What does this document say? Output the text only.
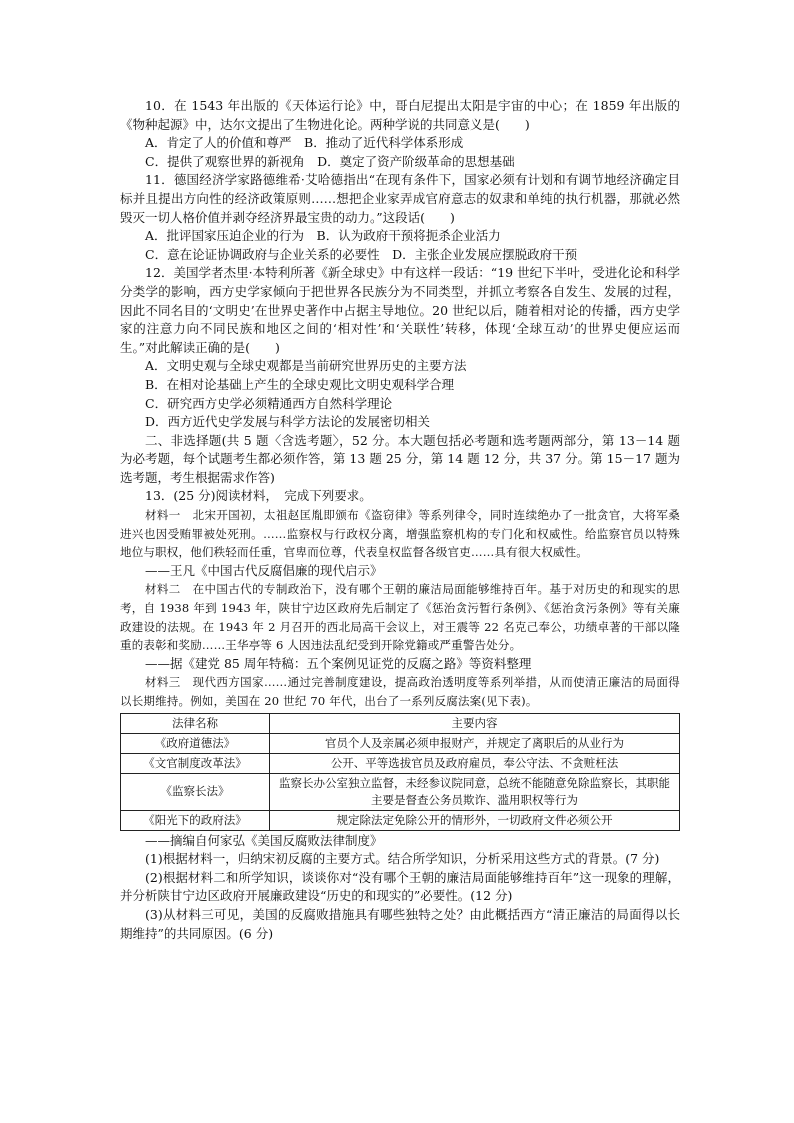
10．在 1543 年出版的《天体运行论》中，哥白尼提出太阳是宇宙的中心；在 1859 年出版的《物种起源》中，达尔文提出了生物进化论。两种学说的共同意义是(　　)
A．肯定了人的价值和尊严　B．推动了近代科学体系形成
C．提供了观察世界的新视角　D．奠定了资产阶级革命的思想基础
11．德国经济学家路德维希·艾哈德指出“在现有条件下，国家必须有计划和有调节地经济确定目标并且提出方向性的经济政策原则……想把企业家弄成官府意志的奴隶和单纯的执行机器，那就必然毁灭一切人格价值并剥夺经济界最宝贵的动力。”这段话(　　)
A．批评国家压迫企业的行为　B．认为政府干预将扼杀企业活力
C．意在论证协调政府与企业关系的必要性　D．主张企业发展应摆脱政府干预
12．美国学者杰里·本特利所著《新全球史》中有这样一段话：“19 世纪下半叶，受进化论和科学分类学的影响，西方史学家倾向于把世界各民族分为不同类型，并抓立考察各自发生、发展的过程，因此不同名目的‘文明史’在世界史著作中占据主导地位。20 世纪以后，随着相对论的传播，西方史学家的注意力向不同民族和地区之间的‘相对性’和‘关联性’转移，体现‘全球互动’的世界史便应运而生。”对此解读正确的是(　　)
A．文明史观与全球史观都是当前研究世界历史的主要方法
B．在相对论基础上产生的全球史观比文明史观科学合理
C．研究西方史学必须精通西方自然科学理论
D．西方近代史学发展与科学方法论的发展密切相关
二、非选择题(共 5 题〈含选考题〉，52 分。本大题包括必考题和选考题两部分，第 13－14 题为必考题，每个试题考生都必须作答，第 13 题 25 分，第 14 题 12 分，共 37 分。第 15－17 题为选考题，考生根据需求作答)
13．(25 分)阅读材料，　完成下列要求。
材料一　北宋开国初，太祖赵匡胤即颁布《盗窃律》等系列律令，同时连续绝办了一批贪官，大将军桑进兴也因受贿罪被处死刑。……监察权与行政权分离，增强监察机构的专门化和权威性。给监察官员以特殊地位与职权，他们秩轻而任重，官卑而位尊，代表皇权监督各级官吏……具有很大权威性。
——王凡《中国古代反腐倡廉的现代启示》
材料二　在中国古代的专制政治下，没有哪个王朝的廉洁局面能够维持百年。基于对历史的和现实的思考，自 1938 年到 1943 年，陕甘宁边区政府先后制定了《惩治贪污暂行条例》、《惩治贪污条例》等有关廉政建设的法规。在 1943 年 2 月召开的西北局高干会议上，对王震等 22 名克己奉公，功绩卓著的干部以隆重的表彰和奖励……王华亭等 6 人因违法乱纪受到开除党籍或严重警告处分。
——据《建党 85 周年特稿：五个案例见证党的反腐之路》等资料整理
材料三　现代西方国家……通过完善制度建设，提高政治透明度等系列举措，从而使清正廉洁的局面得以长期维持。例如，美国在 20 世纪 70 年代，出台了一系列反腐法案(见下表)。
法律名称	主要内容
《政府道德法》	官员个人及亲属必须申报财产，并规定了离职后的从业行为
《文官制度改革法》	公开、平等选拔官员及政府雇员，奉公守法、不贪赃枉法
《监察长法》	监察长办公室独立监督，未经参议院同意，总统不能随意免除监察长，其职能主要是督查公务员欺诈、滥用职权等行为
《阳光下的政府法》	规定除法定免除公开的情形外，一切政府文件必须公开
——摘编自何家弘《美国反腐败法律制度》
(1)根据材料一，归纳宋初反腐的主要方式。结合所学知识，分析采用这些方式的背景。(7 分)
(2)根据材料二和所学知识，谈谈你对“没有哪个王朝的廉洁局面能够维持百年”这一现象的理解，并分析陕甘宁边区政府开展廉政建设“历史的和现实的”必要性。(12 分)
(3)从材料三可见，美国的反腐败措施具有哪些独特之处？由此概括西方“清正廉洁的局面得以长期维持”的共同原因。(6 分)
